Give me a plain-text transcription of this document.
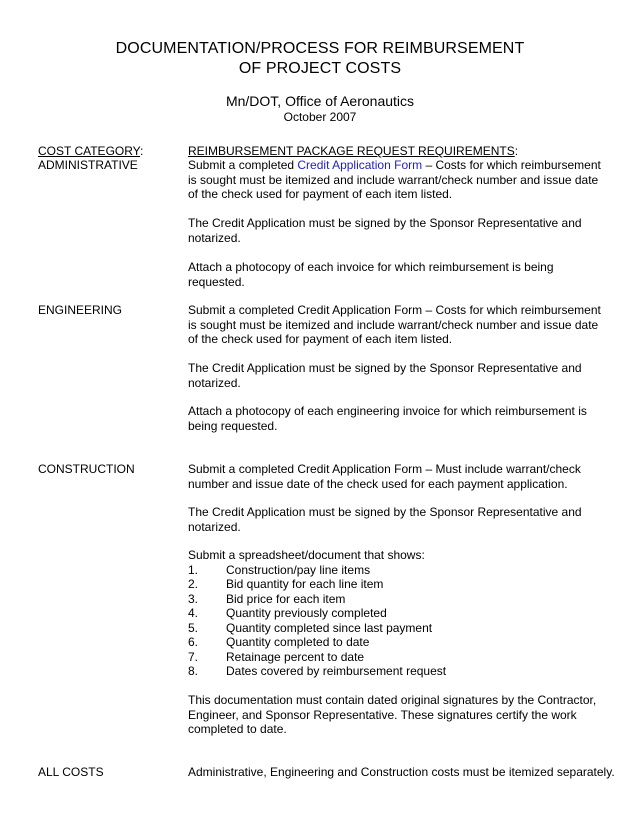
DOCUMENTATION/PROCESS FOR REIMBURSEMENT
OF PROJECT COSTS
Mn/DOT, Office of Aeronautics
October 2007
COST CATEGORY:	REIMBURSEMENT PACKAGE REQUEST REQUIREMENTS:
ADMINISTRATIVE	Submit a completed Credit Application Form – Costs for which reimbursement is sought must be itemized and include warrant/check number and issue date of the check used for payment of each item listed.
The Credit Application must be signed by the Sponsor Representative and notarized.
Attach a photocopy of each invoice for which reimbursement is being requested.
ENGINEERING	Submit a completed Credit Application Form – Costs for which reimbursement is sought must be itemized and include warrant/check number and issue date of the check used for payment of each item listed.
The Credit Application must be signed by the Sponsor Representative and notarized.
Attach a photocopy of each engineering invoice for which reimbursement is being requested.
CONSTRUCTION	Submit a completed Credit Application Form – Must include warrant/check number and issue date of the check used for each payment application.
The Credit Application must be signed by the Sponsor Representative and notarized.
Submit a spreadsheet/document that shows:
1. Construction/pay line items
2. Bid quantity for each line item
3. Bid price for each item
4. Quantity previously completed
5. Quantity completed since last payment
6. Quantity completed to date
7. Retainage percent to date
8. Dates covered by reimbursement request
This documentation must contain dated original signatures by the Contractor, Engineer, and Sponsor Representative. These signatures certify the work completed to date.
ALL COSTS	Administrative, Engineering and Construction costs must be itemized separately.
